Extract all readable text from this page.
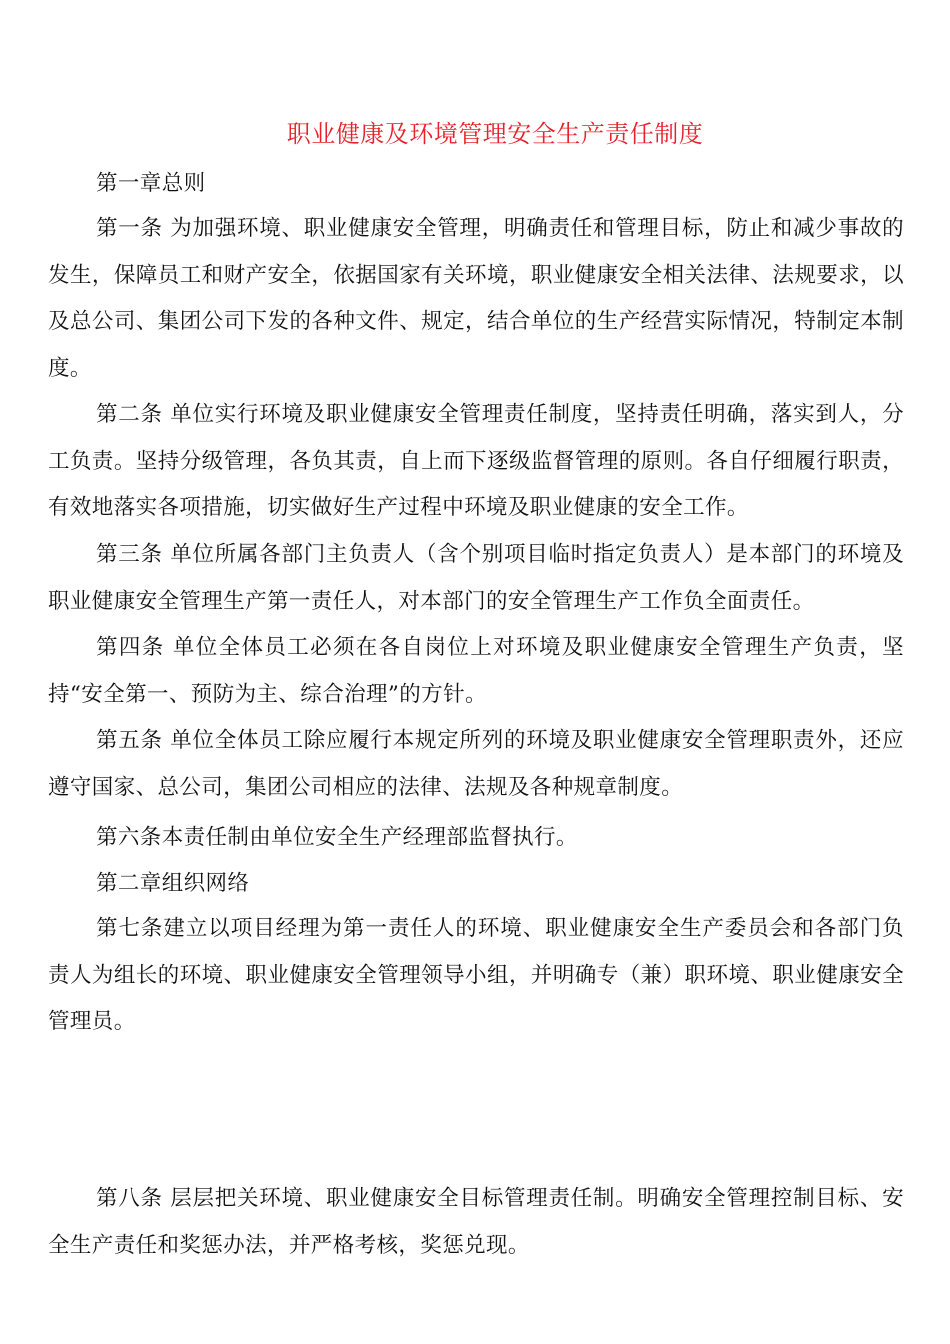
职业健康及环境管理安全生产责任制度

第一章总则

第一条 为加强环境、职业健康安全管理，明确责任和管理目标，防止和减少事故的发生，保障员工和财产安全，依据国家有关环境，职业健康安全相关法律、法规要求，以及总公司、集团公司下发的各种文件、规定，结合单位的生产经营实际情况，特制定本制度。

第二条 单位实行环境及职业健康安全管理责任制度，坚持责任明确，落实到人，分工负责。坚持分级管理，各负其责，自上而下逐级监督管理的原则。各自仔细履行职责，有效地落实各项措施，切实做好生产过程中环境及职业健康的安全工作。

第三条 单位所属各部门主负责人（含个别项目临时指定负责人）是本部门的环境及职业健康安全管理生产第一责任人，对本部门的安全管理生产工作负全面责任。

第四条 单位全体员工必须在各自岗位上对环境及职业健康安全管理生产负责，坚持“安全第一、预防为主、综合治理”的方针。

第五条 单位全体员工除应履行本规定所列的环境及职业健康安全管理职责外，还应遵守国家、总公司，集团公司相应的法律、法规及各种规章制度。

第六条本责任制由单位安全生产经理部监督执行。

第二章组织网络

第七条建立以项目经理为第一责任人的环境、职业健康安全生产委员会和各部门负责人为组长的环境、职业健康安全管理领导小组，并明确专（兼）职环境、职业健康安全管理员。

第八条 层层把关环境、职业健康安全目标管理责任制。明确安全管理控制目标、安全生产责任和奖惩办法，并严格考核，奖惩兑现。
